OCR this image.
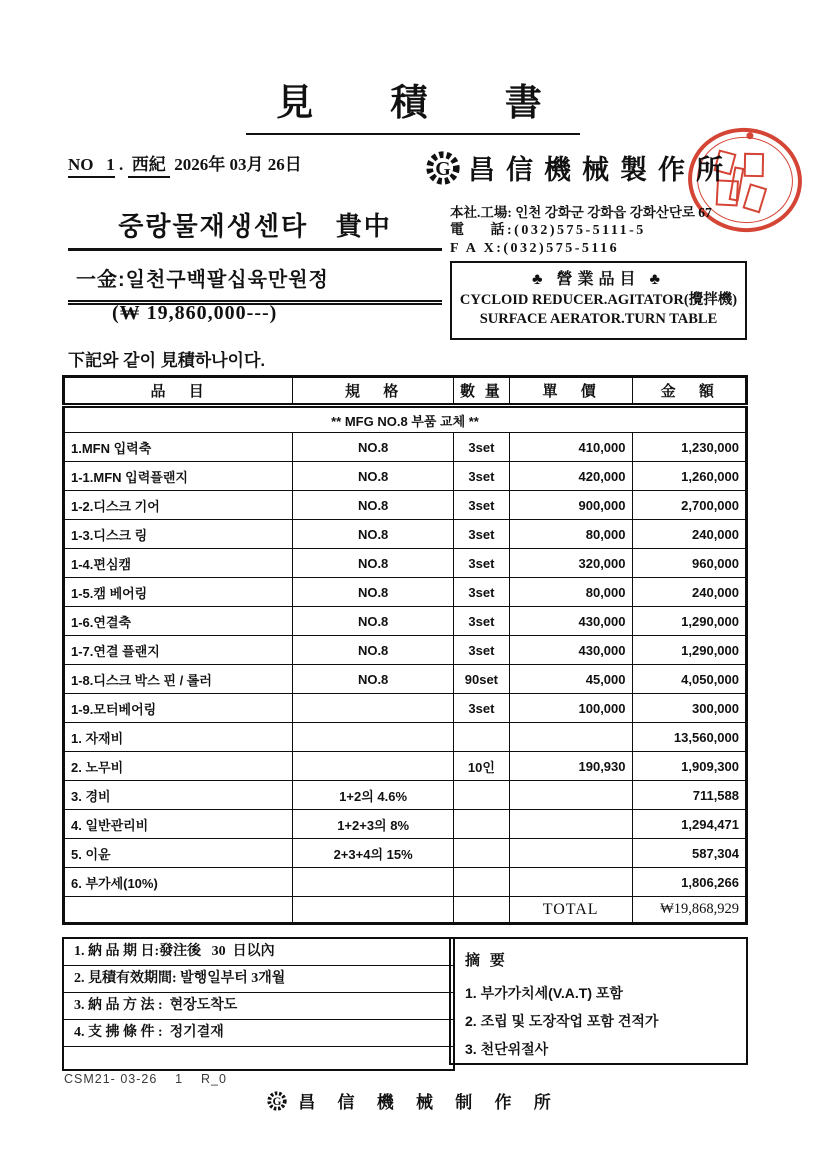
見 積 書
NO   1 .  西紀  2026年 03月 26日	G 昌信機械製作所
本社.工場: 인천 강화군 강화읍 강화산단로 67
電    話:(032)575-5111-5
F A X:(032)575-5116
중랑물재생센타   貴中
一金:일천구백팔십육만원정
(₩ 19,860,000---)
♣ 營業品目 ♣
CYCLOID REDUCER.AGITATOR(攪拌機) SURFACE AERATOR.TURN TABLE
下記와 같이 見積하나이다.
品   目	規   格	數 量	單   價	金   額
** MFG NO.8 부품 교체 **				
1.MFN 입력축	NO.8	3set	410,000	1,230,000
1-1.MFN 입력플랜지	NO.8	3set	420,000	1,260,000
1-2.디스크 기어	NO.8	3set	900,000	2,700,000
1-3.디스크 링	NO.8	3set	80,000	240,000
1-4.편심캠	NO.8	3set	320,000	960,000
1-5.캠 베어링	NO.8	3set	80,000	240,000
1-6.연결축	NO.8	3set	430,000	1,290,000
1-7.연결 플랜지	NO.8	3set	430,000	1,290,000
1-8.디스크 박스 핀 / 롤러	NO.8	90set	45,000	4,050,000
1-9.모터베어링		3set	100,000	300,000
1. 자재비				13,560,000
2. 노무비		10인	190,930	1,909,300
3. 경비	1+2의 4.6%			711,588
4. 일반관리비	1+2+3의 8%			1,294,471
5. 이윤	2+3+4의 15%			587,304
6. 부가세(10%)				1,806,266
			TOTAL	₩19,868,929
1. 納 品 期 日:發注後   30  日以內
2. 見積有效期間: 발행일부터 3개월
3. 納 品 方 法 :  현장도착도
4. 支 拂 條 件 :  정기결재
摘 要
1. 부가가치세(V.A.T) 포함
2. 조립 및 도장작업 포함 견적가
3. 천단위절사
CSM21- 03-26    1    R_0
G 昌 信 機 械 制 作 所
